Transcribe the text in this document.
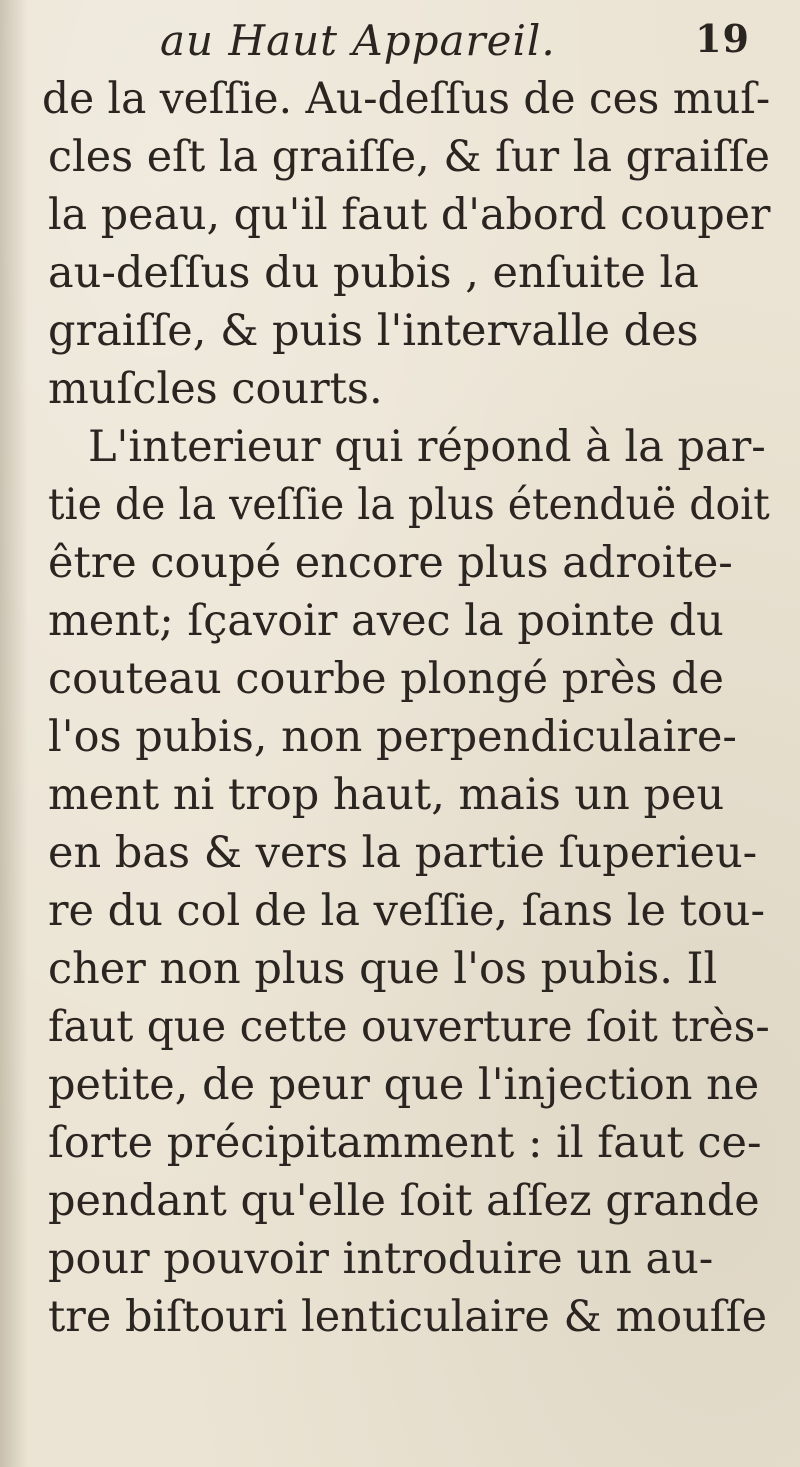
au Haut Appareil.	19
de la veſſie. Au-deſſus de ces muſ-
cles eſt la graiſſe, & ſur la graiſſe
la peau, qu'il faut d'abord couper
au-deſſus du pubis , enſuite la
graiſſe, & puis l'intervalle des
muſcles courts.
L'interieur qui répond à la par-
tie de la veſſie la plus étenduë doit
être coupé encore plus adroite-
ment; ſçavoir avec la pointe du
couteau courbe plongé près de
l'os pubis, non perpendiculaire-
ment ni trop haut, mais un peu
en bas & vers la partie ſuperieu-
re du col de la veſſie, ſans le tou-
cher non plus que l'os pubis. Il
faut que cette ouverture ſoit très-
petite, de peur que l'injection ne
ſorte précipitamment : il faut ce-
pendant qu'elle ſoit aſſez grande
pour pouvoir introduire un au-
tre biſtouri lenticulaire & mouſſe
